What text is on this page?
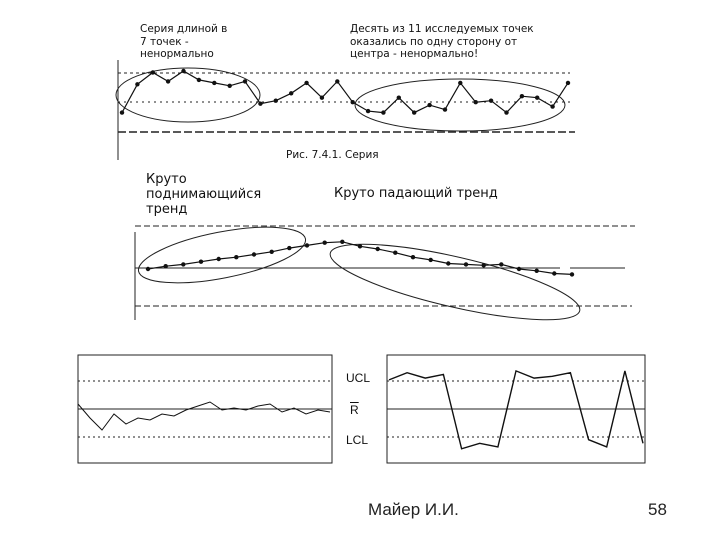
Серия длиной в
7 точек -
ненормально
Десять из 11 исследуемых точек
оказались по одну сторону от
центра - ненормально!
Рис. 7.4.1. Серия
Круто
поднимающийся
тренд
Круто падающий тренд
UCL
$\overline{R}$
LCL
Майер И.И.	58
